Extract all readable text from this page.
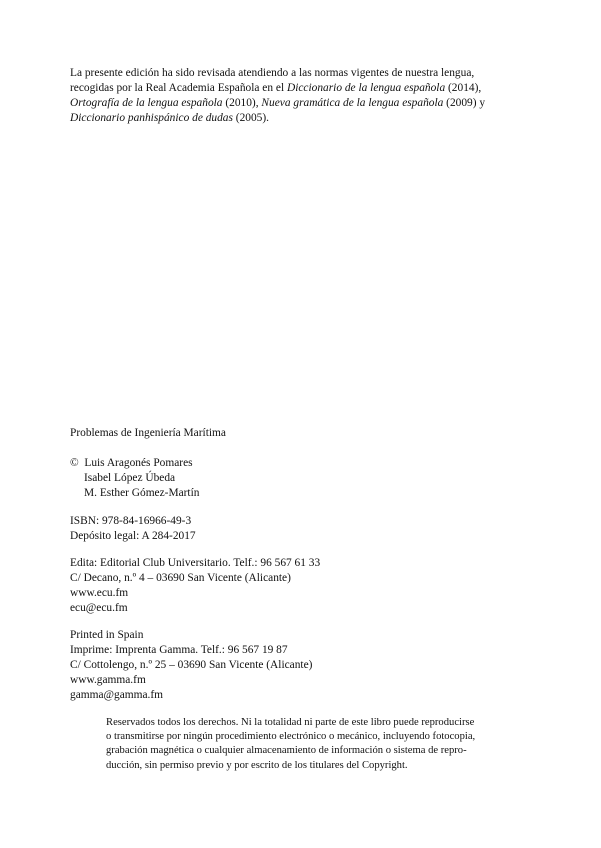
La presente edición ha sido revisada atendiendo a las normas vigentes de nuestra lengua,
recogidas por la Real Academia Española en el Diccionario de la lengua española (2014),
Ortografía de la lengua española (2010), Nueva gramática de la lengua española (2009) y
Diccionario panhispánico de dudas (2005).
Problemas de Ingeniería Marítima
© Luis Aragonés Pomares
Isabel López Úbeda
M. Esther Gómez-Martín
ISBN: 978-84-16966-49-3
Depósito legal: A 284-2017
Edita: Editorial Club Universitario. Telf.: 96 567 61 33
C/ Decano, n.º 4 – 03690 San Vicente (Alicante)
www.ecu.fm
ecu@ecu.fm
Printed in Spain
Imprime: Imprenta Gamma. Telf.: 96 567 19 87
C/ Cottolengo, n.º 25 – 03690 San Vicente (Alicante)
www.gamma.fm
gamma@gamma.fm
Reservados todos los derechos. Ni la totalidad ni parte de este libro puede reproducirse
o transmitirse por ningún procedimiento electrónico o mecánico, incluyendo fotocopia,
grabación magnética o cualquier almacenamiento de información o sistema de repro-
ducción, sin permiso previo y por escrito de los titulares del Copyright.
